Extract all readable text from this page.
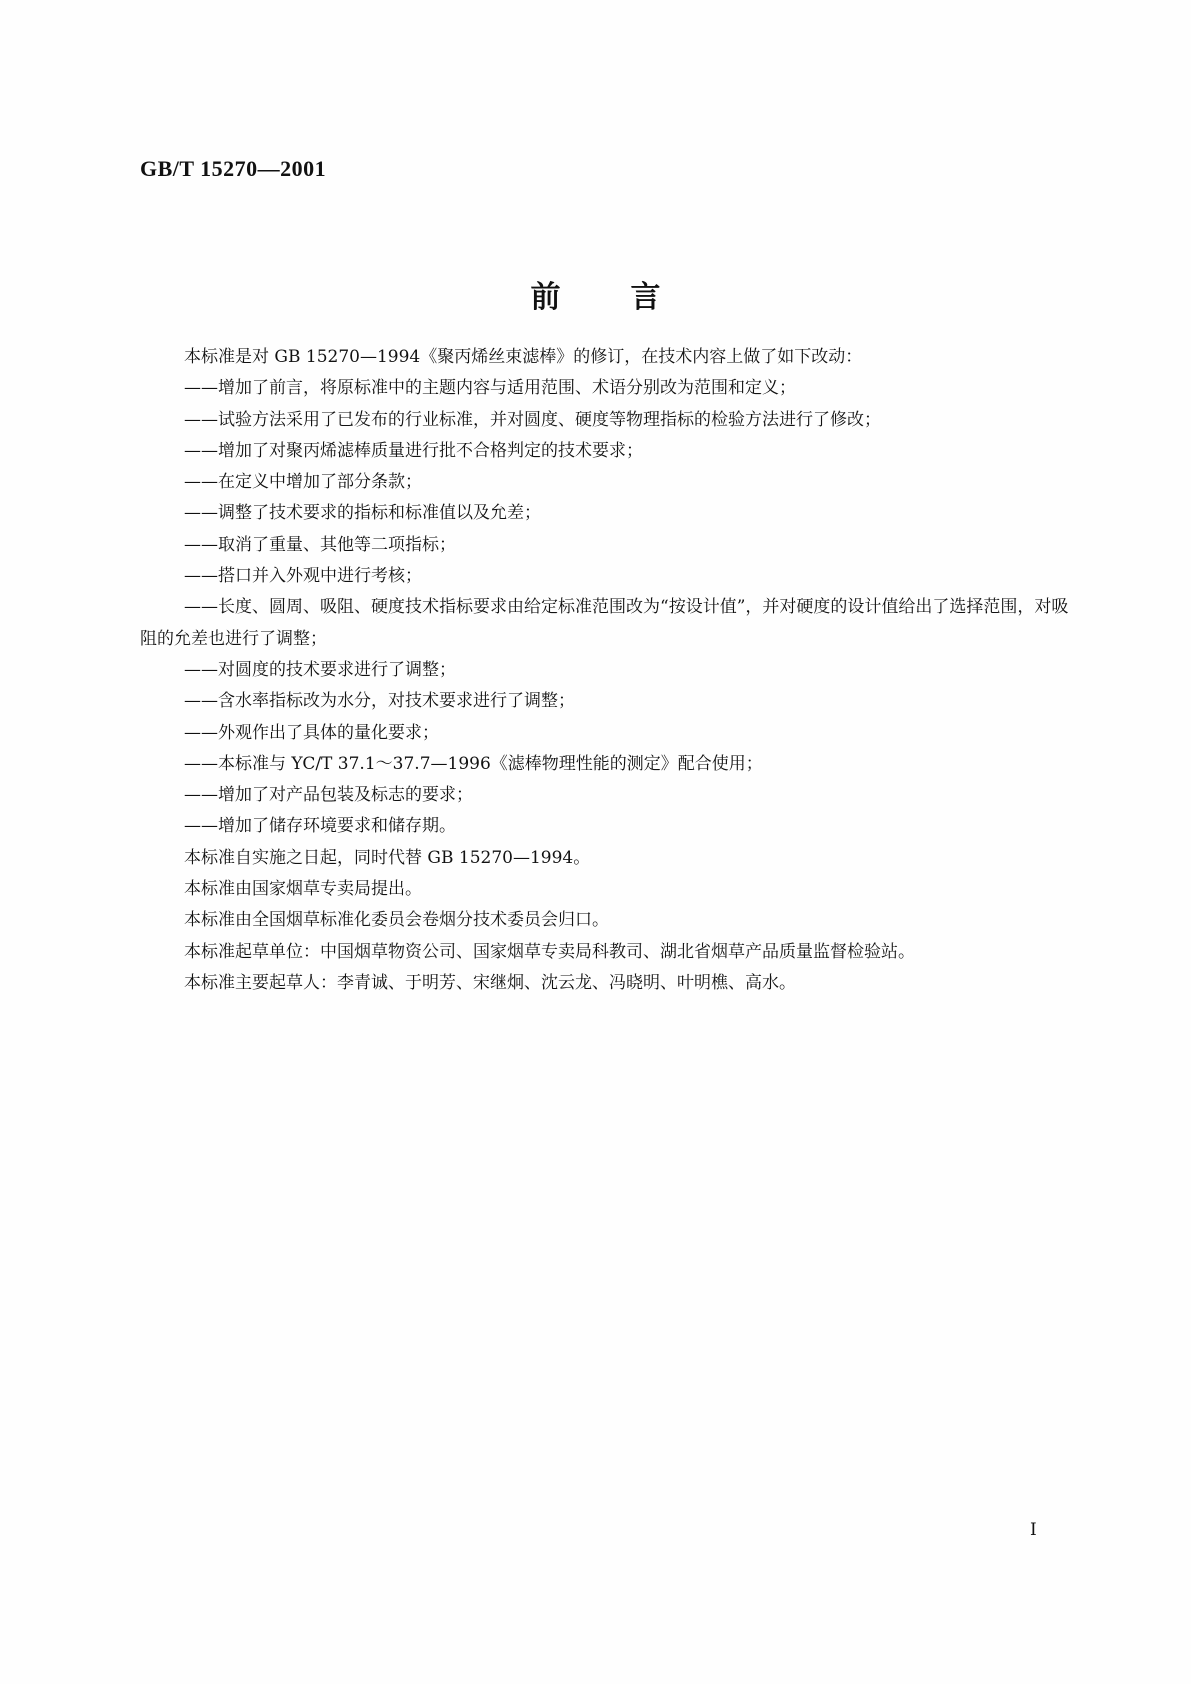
GB/T 15270—2001
前言

本标准是对 GB 15270—1994《聚丙烯丝束滤棒》的修订，在技术内容上做了如下改动：

——增加了前言，将原标准中的主题内容与适用范围、术语分别改为范围和定义；

——试验方法采用了已发布的行业标准，并对圆度、硬度等物理指标的检验方法进行了修改；

——增加了对聚丙烯滤棒质量进行批不合格判定的技术要求；

——在定义中增加了部分条款；

——调整了技术要求的指标和标准值以及允差；

——取消了重量、其他等二项指标；

——搭口并入外观中进行考核；

——长度、圆周、吸阻、硬度技术指标要求由给定标准范围改为“按设计值”，并对硬度的设计值给出了选择范围，对吸阻的允差也进行了调整；

——对圆度的技术要求进行了调整；

——含水率指标改为水分，对技术要求进行了调整；

——外观作出了具体的量化要求；

——本标准与 YC/T 37.1～37.7—1996《滤棒物理性能的测定》配合使用；

——增加了对产品包装及标志的要求；

——增加了储存环境要求和储存期。

本标准自实施之日起，同时代替 GB 15270—1994。

本标准由国家烟草专卖局提出。

本标准由全国烟草标准化委员会卷烟分技术委员会归口。

本标准起草单位：中国烟草物资公司、国家烟草专卖局科教司、湖北省烟草产品质量监督检验站。

本标准主要起草人：李青诚、于明芳、宋继炯、沈云龙、冯晓明、叶明樵、高水。

I
